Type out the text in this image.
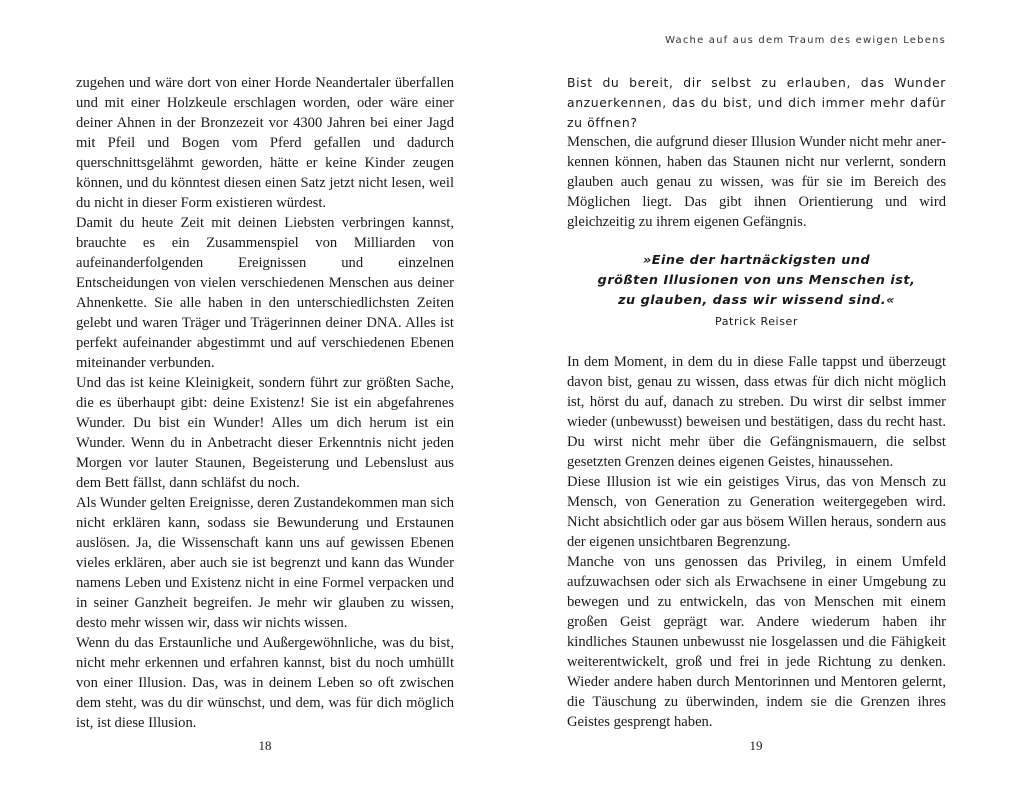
zugehen und wäre dort von einer Horde Neandertaler überfallen und mit einer Holzkeule erschlagen worden, oder wäre einer deiner Ahnen in der Bronzezeit vor 4300 Jahren bei einer Jagd mit Pfeil und Bogen vom Pferd gefallen und dadurch querschnittsgelähmt geworden, hätte er keine Kinder zeugen können, und du könntest diesen einen Satz jetzt nicht lesen, weil du nicht in dieser Form existieren würdest.

Damit du heute Zeit mit deinen Liebsten verbringen kannst, brauchte es ein Zusammenspiel von Milliarden von aufeinanderfolgenden Ereignissen und einzelnen Entscheidungen von vielen verschiedenen Menschen aus deiner Ahnenkette. Sie alle haben in den unterschiedlichsten Zeiten gelebt und waren Träger und Trägerinnen deiner DNA. Alles ist perfekt aufeinander abgestimmt und auf verschiedenen Ebenen miteinander verbunden.

Und das ist keine Kleinigkeit, sondern führt zur größten Sache, die es überhaupt gibt: deine Existenz! Sie ist ein abgefahrenes Wunder. Du bist ein Wunder! Alles um dich herum ist ein Wunder. Wenn du in Anbetracht dieser Erkenntnis nicht jeden Morgen vor lauter Staunen, Begeisterung und Lebenslust aus dem Bett fällst, dann schläfst du noch.

Als Wunder gelten Ereignisse, deren Zustandekommen man sich nicht erklären kann, sodass sie Bewunderung und Erstaunen auslösen. Ja, die Wissenschaft kann uns auf gewissen Ebenen vieles erklären, aber auch sie ist begrenzt und kann das Wunder namens Leben und Existenz nicht in eine Formel verpacken und in seiner Ganzheit begreifen. Je mehr wir glauben zu wissen, desto mehr wissen wir, dass wir nichts wissen.

Wenn du das Erstaunliche und Außergewöhnliche, was du bist, nicht mehr erkennen und erfahren kannst, bist du noch umhüllt von einer Illusion. Das, was in deinem Leben so oft zwischen dem steht, was du dir wünschst, und dem, was für dich möglich ist, ist diese Illusion.

18
Wache auf aus dem Traum des ewigen Lebens
Bist du bereit, dir selbst zu erlauben, das Wunder anzuerkennen, das du bist, und dich immer mehr dafür zu öffnen?

Menschen, die aufgrund dieser Illusion Wunder nicht mehr anerkennen können, haben das Staunen nicht nur verlernt, sondern glauben auch genau zu wissen, was für sie im Bereich des Möglichen liegt. Das gibt ihnen Orientierung und wird gleichzeitig zu ihrem eigenen Gefängnis.

»Eine der hartnäckigsten und
größten Illusionen von uns Menschen ist,
zu glauben, dass wir wissend sind.«
Patrick Reiser

In dem Moment, in dem du in diese Falle tappst und überzeugt davon bist, genau zu wissen, dass etwas für dich nicht möglich ist, hörst du auf, danach zu streben. Du wirst dir selbst immer wieder (unbewusst) beweisen und bestätigen, dass du recht hast. Du wirst nicht mehr über die Gefängnismauern, die selbst gesetzten Grenzen deines eigenen Geistes, hinaussehen.

Diese Illusion ist wie ein geistiges Virus, das von Mensch zu Mensch, von Generation zu Generation weitergegeben wird. Nicht absichtlich oder gar aus bösem Willen heraus, sondern aus der eigenen unsichtbaren Begrenzung.

Manche von uns genossen das Privileg, in einem Umfeld aufzuwachsen oder sich als Erwachsene in einer Umgebung zu bewegen und zu entwickeln, das von Menschen mit einem großen Geist geprägt war. Andere wiederum haben ihr kindliches Staunen unbewusst nie losgelassen und die Fähigkeit weiterentwickelt, groß und frei in jede Richtung zu denken. Wieder andere haben durch Mentorinnen und Mentoren gelernt, die Täuschung zu überwinden, indem sie die Grenzen ihres Geistes gesprengt haben.

19
